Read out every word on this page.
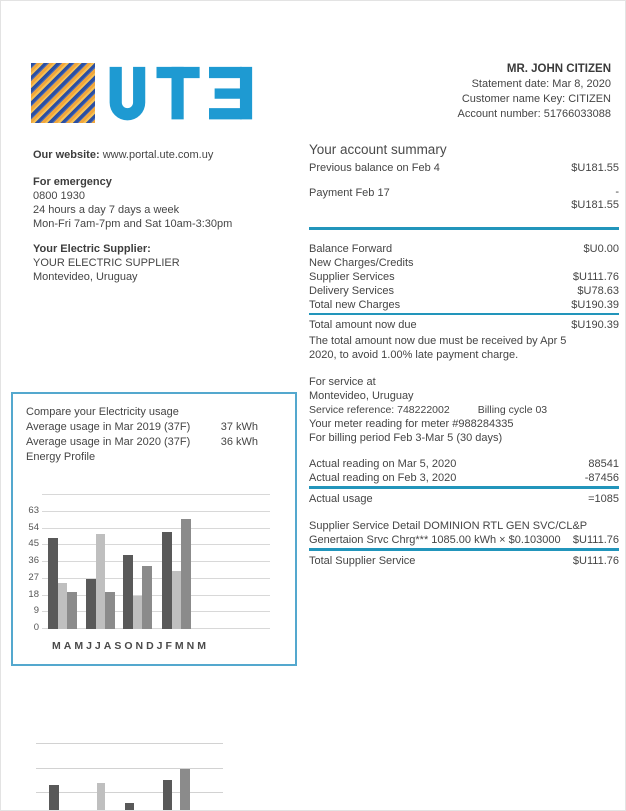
MR. JOHN CITIZEN
Statement date: Mar 8, 2020
Customer name Key: CITIZEN
Account number: 51766033088
Our website: www.portal.ute.com.uy
For emergency
0800 1930
24 hours a day 7 days a week
Mon-Fri 7am-7pm and Sat 10am-3:30pm
Your Electric Supplier:
YOUR ELECTRIC SUPPLIER
Montevideo, Uruguay
Your account summary
Previous balance on Feb 4	$U181.55
Payment Feb 17	-
$U181.55
Balance Forward	$U0.00
New Charges/Credits
Supplier Services	$U111.76
Delivery Services	$U78.63
Total new Charges	$U190.39
Total amount now due	$U190.39
The total amount now due must be received by Apr 5
2020, to avoid 1.00% late payment charge.
For service at
Montevideo, Uruguay
Service reference: 748222002	Billing cycle 03
Your meter reading for meter #988284335
For billing period Feb 3-Mar 5 (30 days)
Actual reading on Mar 5, 2020	88541
Actual reading on Feb 3, 2020	-87456
Actual usage	=1085
Supplier Service Detail DOMINION RTL GEN SVC/CL&P
Genertaion Srvc Chrg*** 1085.00 kWh × $0.103000 $U111.76
Total Supplier Service	$U111.76
Compare your Electricity usage
Average usage in Mar 2019 (37F)	37 kWh
Average usage in Mar 2020 (37F)	36 kWh
Energy Profile
0
9
18
27
36
45
54
63
MAMJJASONDJFMNM
